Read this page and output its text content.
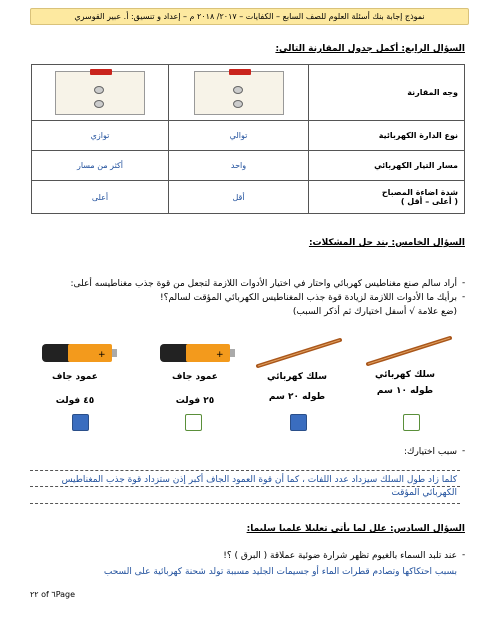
نموذج إجابة بنك أسئلة العلوم للصف السابع – الكفايات – ٢٠١٧/ ٢٠١٨ م – إعداد و تنسيق: أ. عبير القوسري
السؤال الرابع: أكمل جدول المقارنة التالي:
وجه المقارنة	

نوع الدارة الكهربائية	توالي	توازي
مسار التيار الكهربائي	واحد	أكثر من مسار

شدة اضاءة المصباح
( أعلى – أقل )	أقل	أعلى
السؤال الخامس: بند حل المشكلات:
أراد سالم صنع مغناطيس كهربائي واحتار في اختيار الأدوات اللازمة لتجعل من قوة جذب مغناطيسه أعلى:
برأيك ما الأدوات اللازمة لزيادة قوة جذب المغناطيس الكهربائي المؤقت لسالم؟!
(ضع علامة √ أسفل اختيارك ثم أذكر السبب)
-
-
+	+
سلك كهربائي
طوله ١٠ سم
سلك كهربائي
طوله ٢٠ سم
عمود جاف
٢٥ فولت
عمود جاف
٤٥ فولت
سبب اختيارك: -
كلما زاد طول السلك سيزداد عدد اللفات ، كما أن قوة العمود الجاف أكبر إذن ستزداد قوة جذب المغناطيس الكهربائي المؤقت
السؤال السادس: علل لما يأتي تعليلا علميا سليما:
عند تلبد السماء بالغيوم تظهر شرارة ضوئية عملاقة ( البرق ) ؟! -
بسبب احتكاكها وتصادم قطرات الماء أو جسيمات الجليد مسببة تولد شحنة كهربائية على السحب
٢٢ of ٦Page
